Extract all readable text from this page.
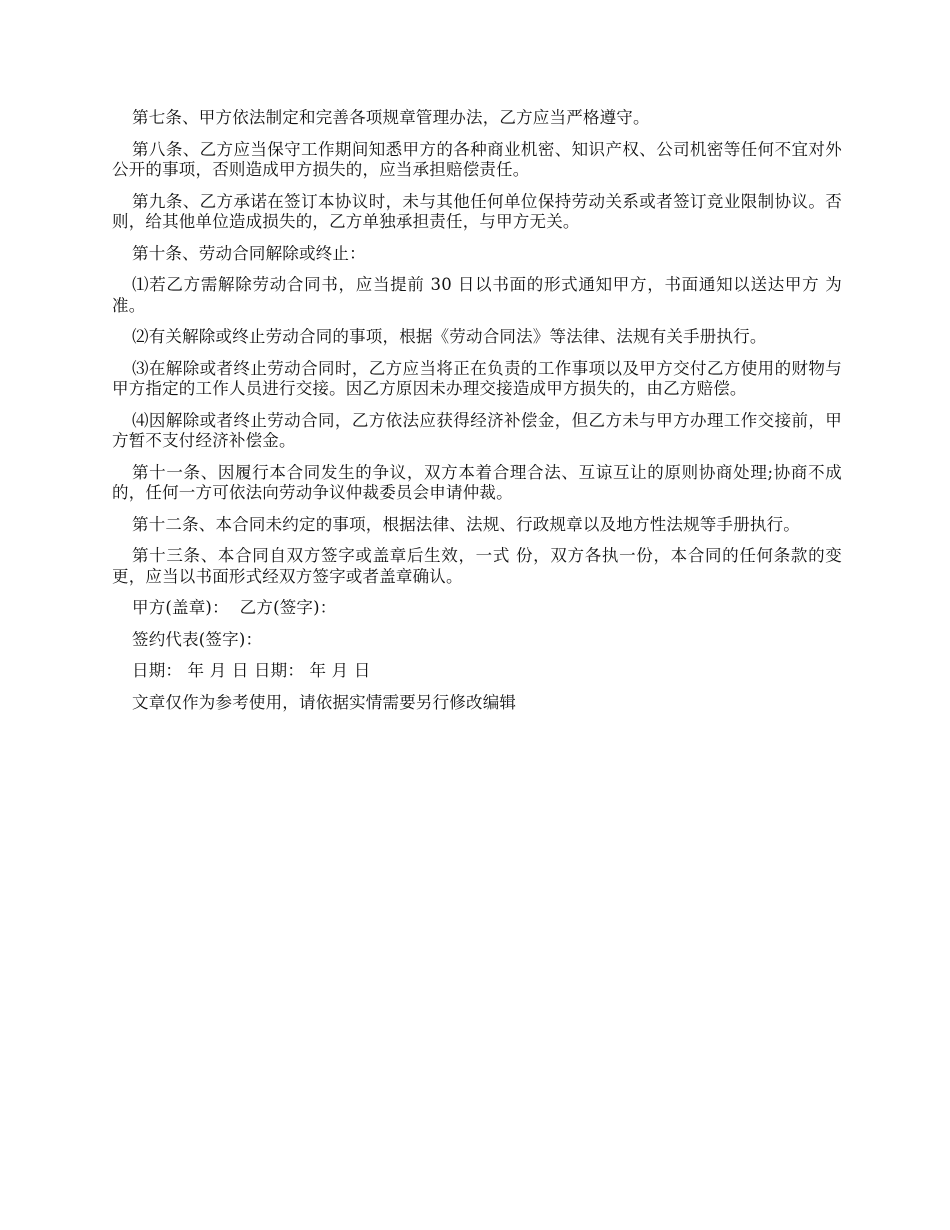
第七条、甲方依法制定和完善各项规章管理办法，乙方应当严格遵守。

第八条、乙方应当保守工作期间知悉甲方的各种商业机密、知识产权、公司机密等任何不宜对外公开的事项，否则造成甲方损失的，应当承担赔偿责任。

第九条、乙方承诺在签订本协议时，未与其他任何单位保持劳动关系或者签订竞业限制协议。否则，给其他单位造成损失的，乙方单独承担责任，与甲方无关。

第十条、劳动合同解除或终止：

⑴若乙方需解除劳动合同书，应当提前 30 日以书面的形式通知甲方，书面通知以送达甲方 为准。

⑵有关解除或终止劳动合同的事项，根据《劳动合同法》等法律、法规有关手册执行。

⑶在解除或者终止劳动合同时，乙方应当将正在负责的工作事项以及甲方交付乙方使用的财物与甲方指定的工作人员进行交接。因乙方原因未办理交接造成甲方损失的，由乙方赔偿。

⑷因解除或者终止劳动合同，乙方依法应获得经济补偿金，但乙方未与甲方办理工作交接前，甲方暂不支付经济补偿金。

第十一条、因履行本合同发生的争议，双方本着合理合法、互谅互让的原则协商处理;协商不成的，任何一方可依法向劳动争议仲裁委员会申请仲裁。

第十二条、本合同未约定的事项，根据法律、法规、行政规章以及地方性法规等手册执行。

第十三条、本合同自双方签字或盖章后生效，一式 份，双方各执一份，本合同的任何条款的变更，应当以书面形式经双方签字或者盖章确认。

甲方(盖章)：  乙方(签字)：

签约代表(签字)：

日期： 年 月 日 日期： 年 月 日

文章仅作为参考使用，请依据实情需要另行修改编辑
